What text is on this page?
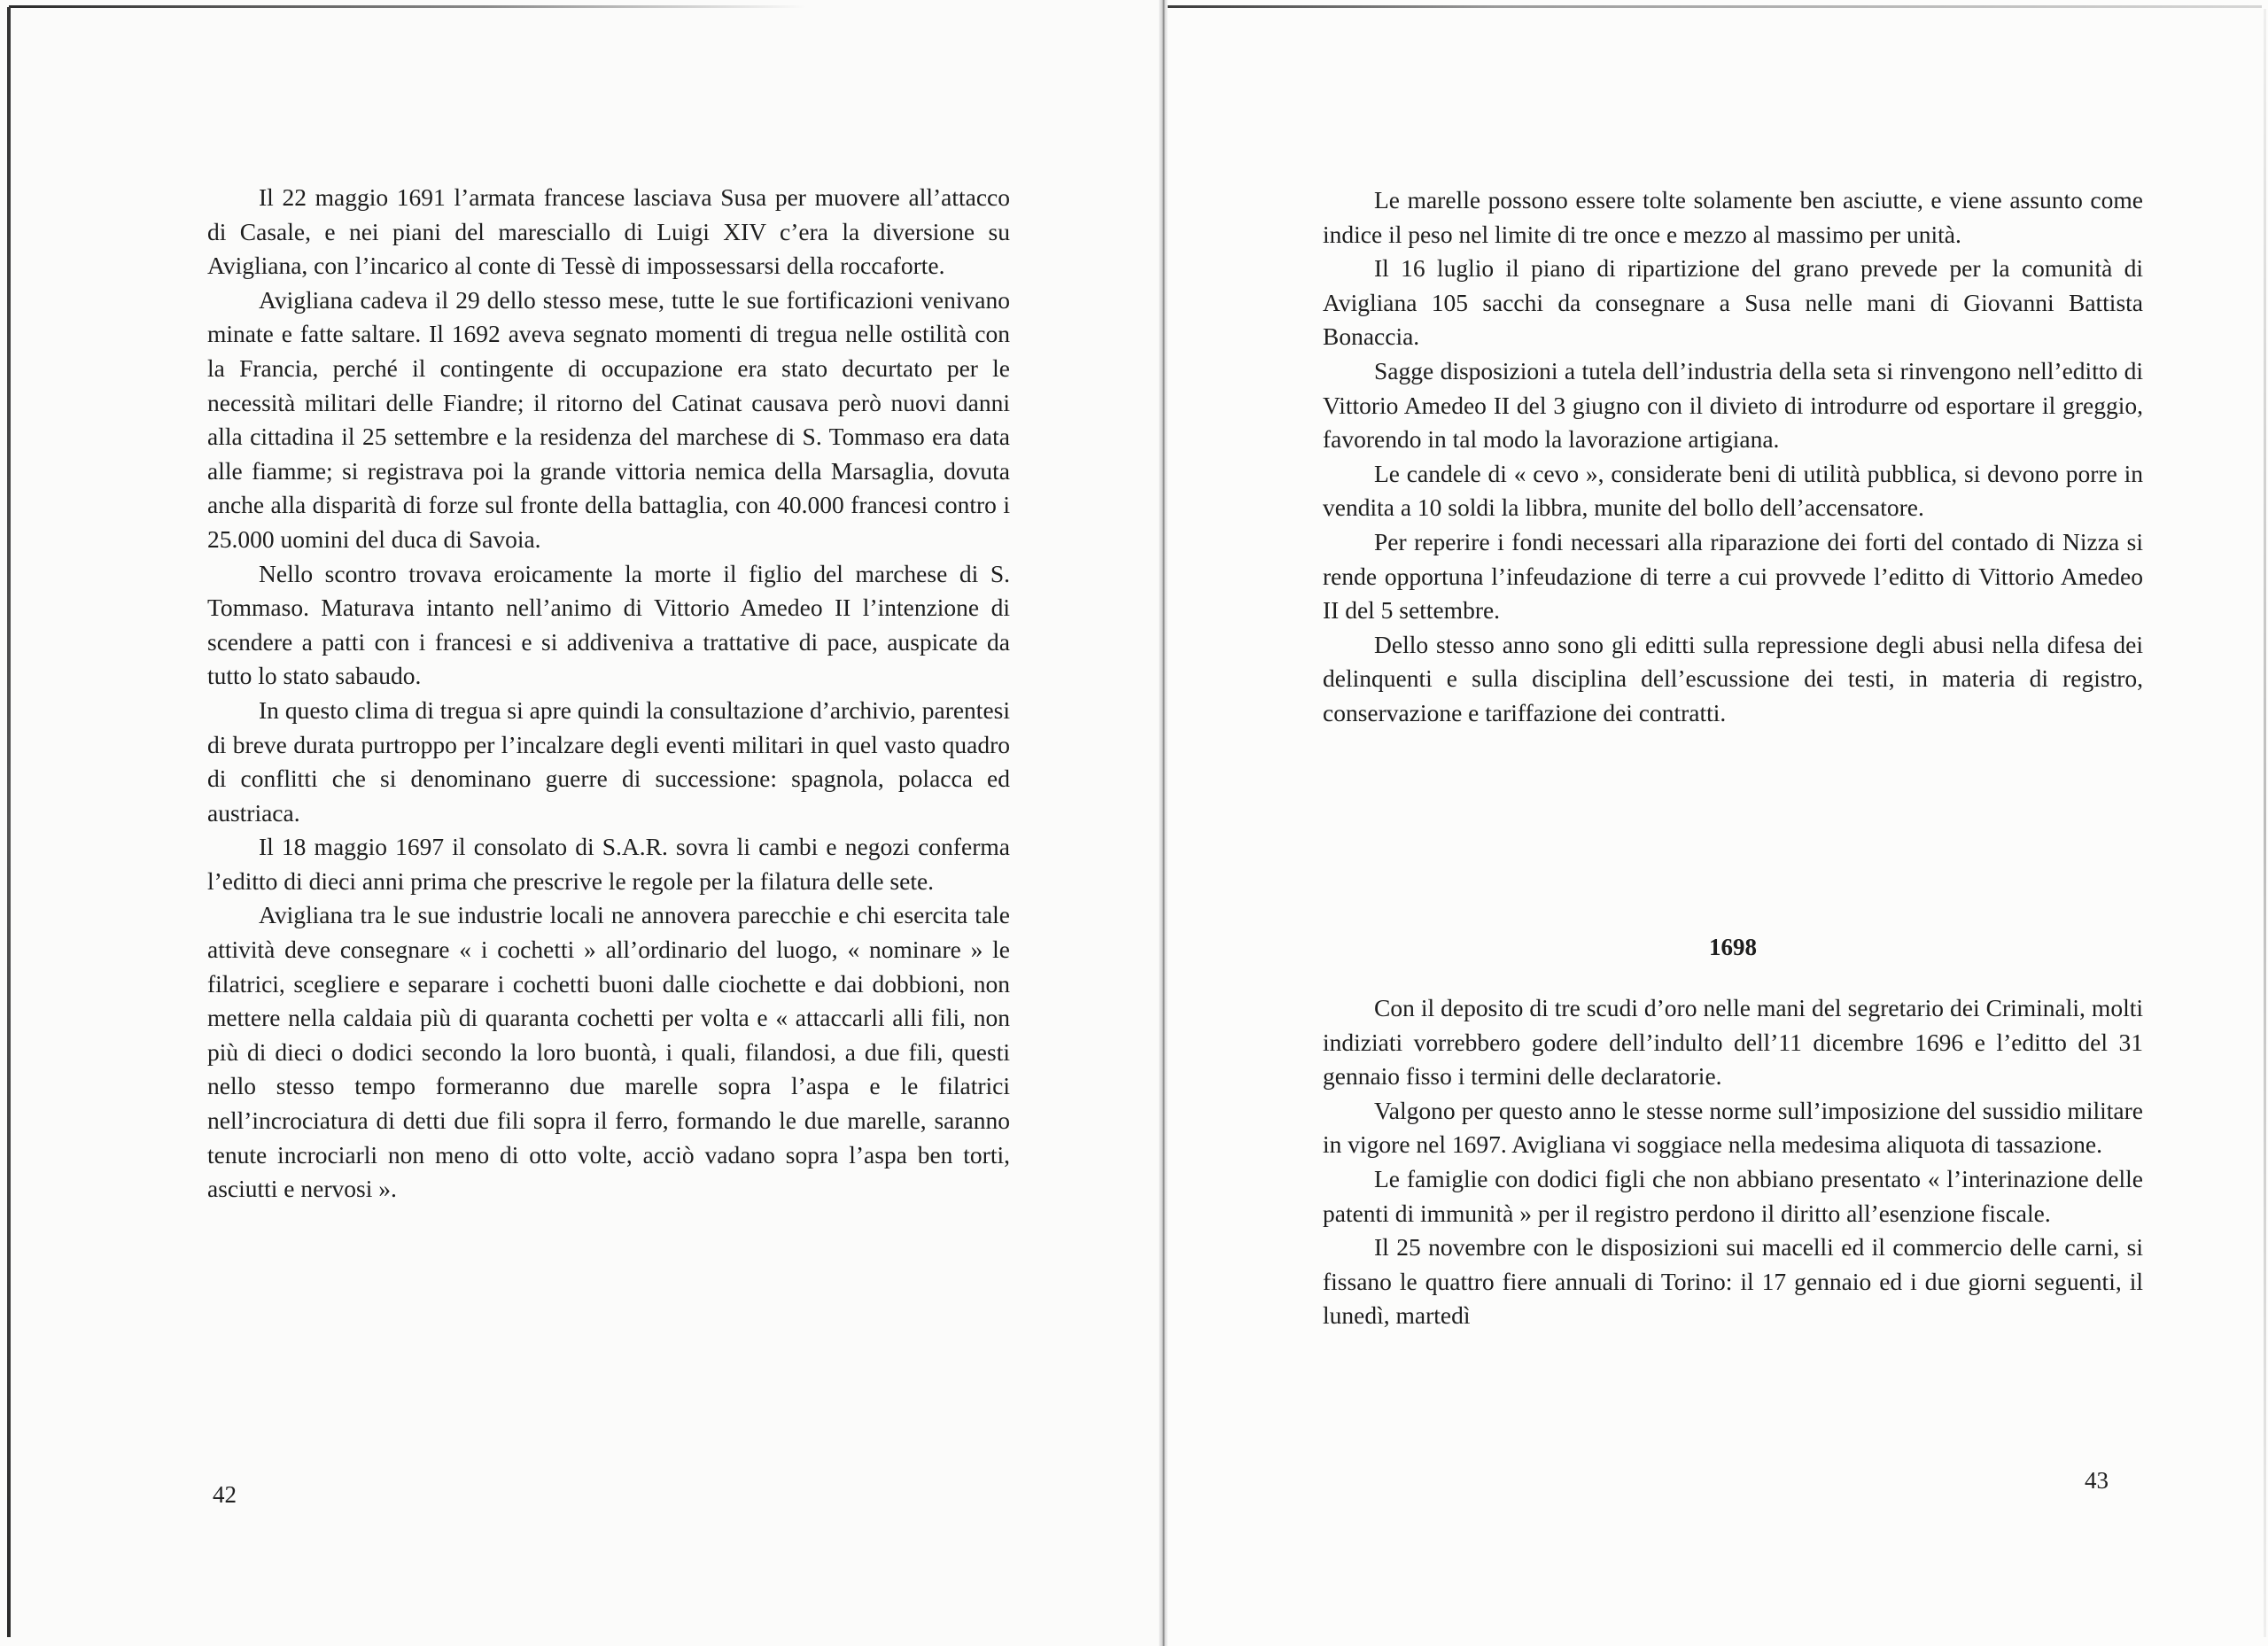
Il 22 maggio 1691 l’armata francese lasciava Susa per muovere all’attacco di Casale, e nei piani del maresciallo di Luigi XIV c’era la diversione su Avigliana, con l’incarico al conte di Tessè di impossessarsi della roccaforte.

Avigliana cadeva il 29 dello stesso mese, tutte le sue fortificazioni venivano minate e fatte saltare. Il 1692 aveva segnato momenti di tregua nelle ostilità con la Francia, perché il contingente di occupazione era stato decurtato per le necessità militari delle Fiandre; il ritorno del Catinat causava però nuovi danni alla cittadina il 25 settembre e la residenza del marchese di S. Tommaso era data alle fiamme; si registrava poi la grande vittoria nemica della Marsaglia, dovuta anche alla disparità di forze sul fronte della battaglia, con 40.000 francesi contro i 25.000 uomini del duca di Savoia.

Nello scontro trovava eroicamente la morte il figlio del marchese di S. Tommaso. Maturava intanto nell’animo di Vittorio Amedeo II l’intenzione di scendere a patti con i francesi e si addiveniva a trattative di pace, auspicate da tutto lo stato sabaudo.

In questo clima di tregua si apre quindi la consultazione d’archivio, parentesi di breve durata purtroppo per l’incalzare degli eventi militari in quel vasto quadro di conflitti che si denominano guerre di successione: spagnola, polacca ed austriaca.

Il 18 maggio 1697 il consolato di S.A.R. sovra li cambi e negozi conferma l’editto di dieci anni prima che prescrive le regole per la filatura delle sete.

Avigliana tra le sue industrie locali ne annovera parecchie e chi esercita tale attività deve consegnare « i cochetti » all’ordinario del luogo, « nominare » le filatrici, scegliere e separare i cochetti buoni dalle ciochette e dai dobbioni, non mettere nella caldaia più di quaranta cochetti per volta e « attaccarli alli fili, non più di dieci o dodici secondo la loro buontà, i quali, filandosi, a due fili, questi nello stesso tempo formeranno due marelle sopra l’aspa e le filatrici nell’incrociatura di detti due fili sopra il ferro, formando le due marelle, saranno tenute incrociarli non meno di otto volte, acciò vadano sopra l’aspa ben torti, asciutti e nervosi ».

42

Le marelle possono essere tolte solamente ben asciutte, e viene assunto come indice il peso nel limite di tre once e mezzo al massimo per unità.

Il 16 luglio il piano di ripartizione del grano prevede per la comunità di Avigliana 105 sacchi da consegnare a Susa nelle mani di Giovanni Battista Bonaccia.

Sagge disposizioni a tutela dell’industria della seta si rinvengono nell’editto di Vittorio Amedeo II del 3 giugno con il divieto di introdurre od esportare il greggio, favorendo in tal modo la lavorazione artigiana.

Le candele di « cevo », considerate beni di utilità pubblica, si devono porre in vendita a 10 soldi la libbra, munite del bollo dell’accensatore.

Per reperire i fondi necessari alla riparazione dei forti del contado di Nizza si rende opportuna l’infeudazione di terre a cui provvede l’editto di Vittorio Amedeo II del 5 settembre.

Dello stesso anno sono gli editti sulla repressione degli abusi nella difesa dei delinquenti e sulla disciplina dell’escussione dei testi, in materia di registro, conservazione e tariffazione dei contratti.

1698

Con il deposito di tre scudi d’oro nelle mani del segretario dei Criminali, molti indiziati vorrebbero godere dell’indulto dell’11 dicembre 1696 e l’editto del 31 gennaio fisso i termini delle declaratorie.

Valgono per questo anno le stesse norme sull’imposizione del sussidio militare in vigore nel 1697. Avigliana vi soggiace nella medesima aliquota di tassazione.

Le famiglie con dodici figli che non abbiano presentato « l’interinazione delle patenti di immunità » per il registro perdono il diritto all’esenzione fiscale.

Il 25 novembre con le disposizioni sui macelli ed il commercio delle carni, si fissano le quattro fiere annuali di Torino: il 17 gennaio ed i due giorni seguenti, il lunedì, martedì

43
